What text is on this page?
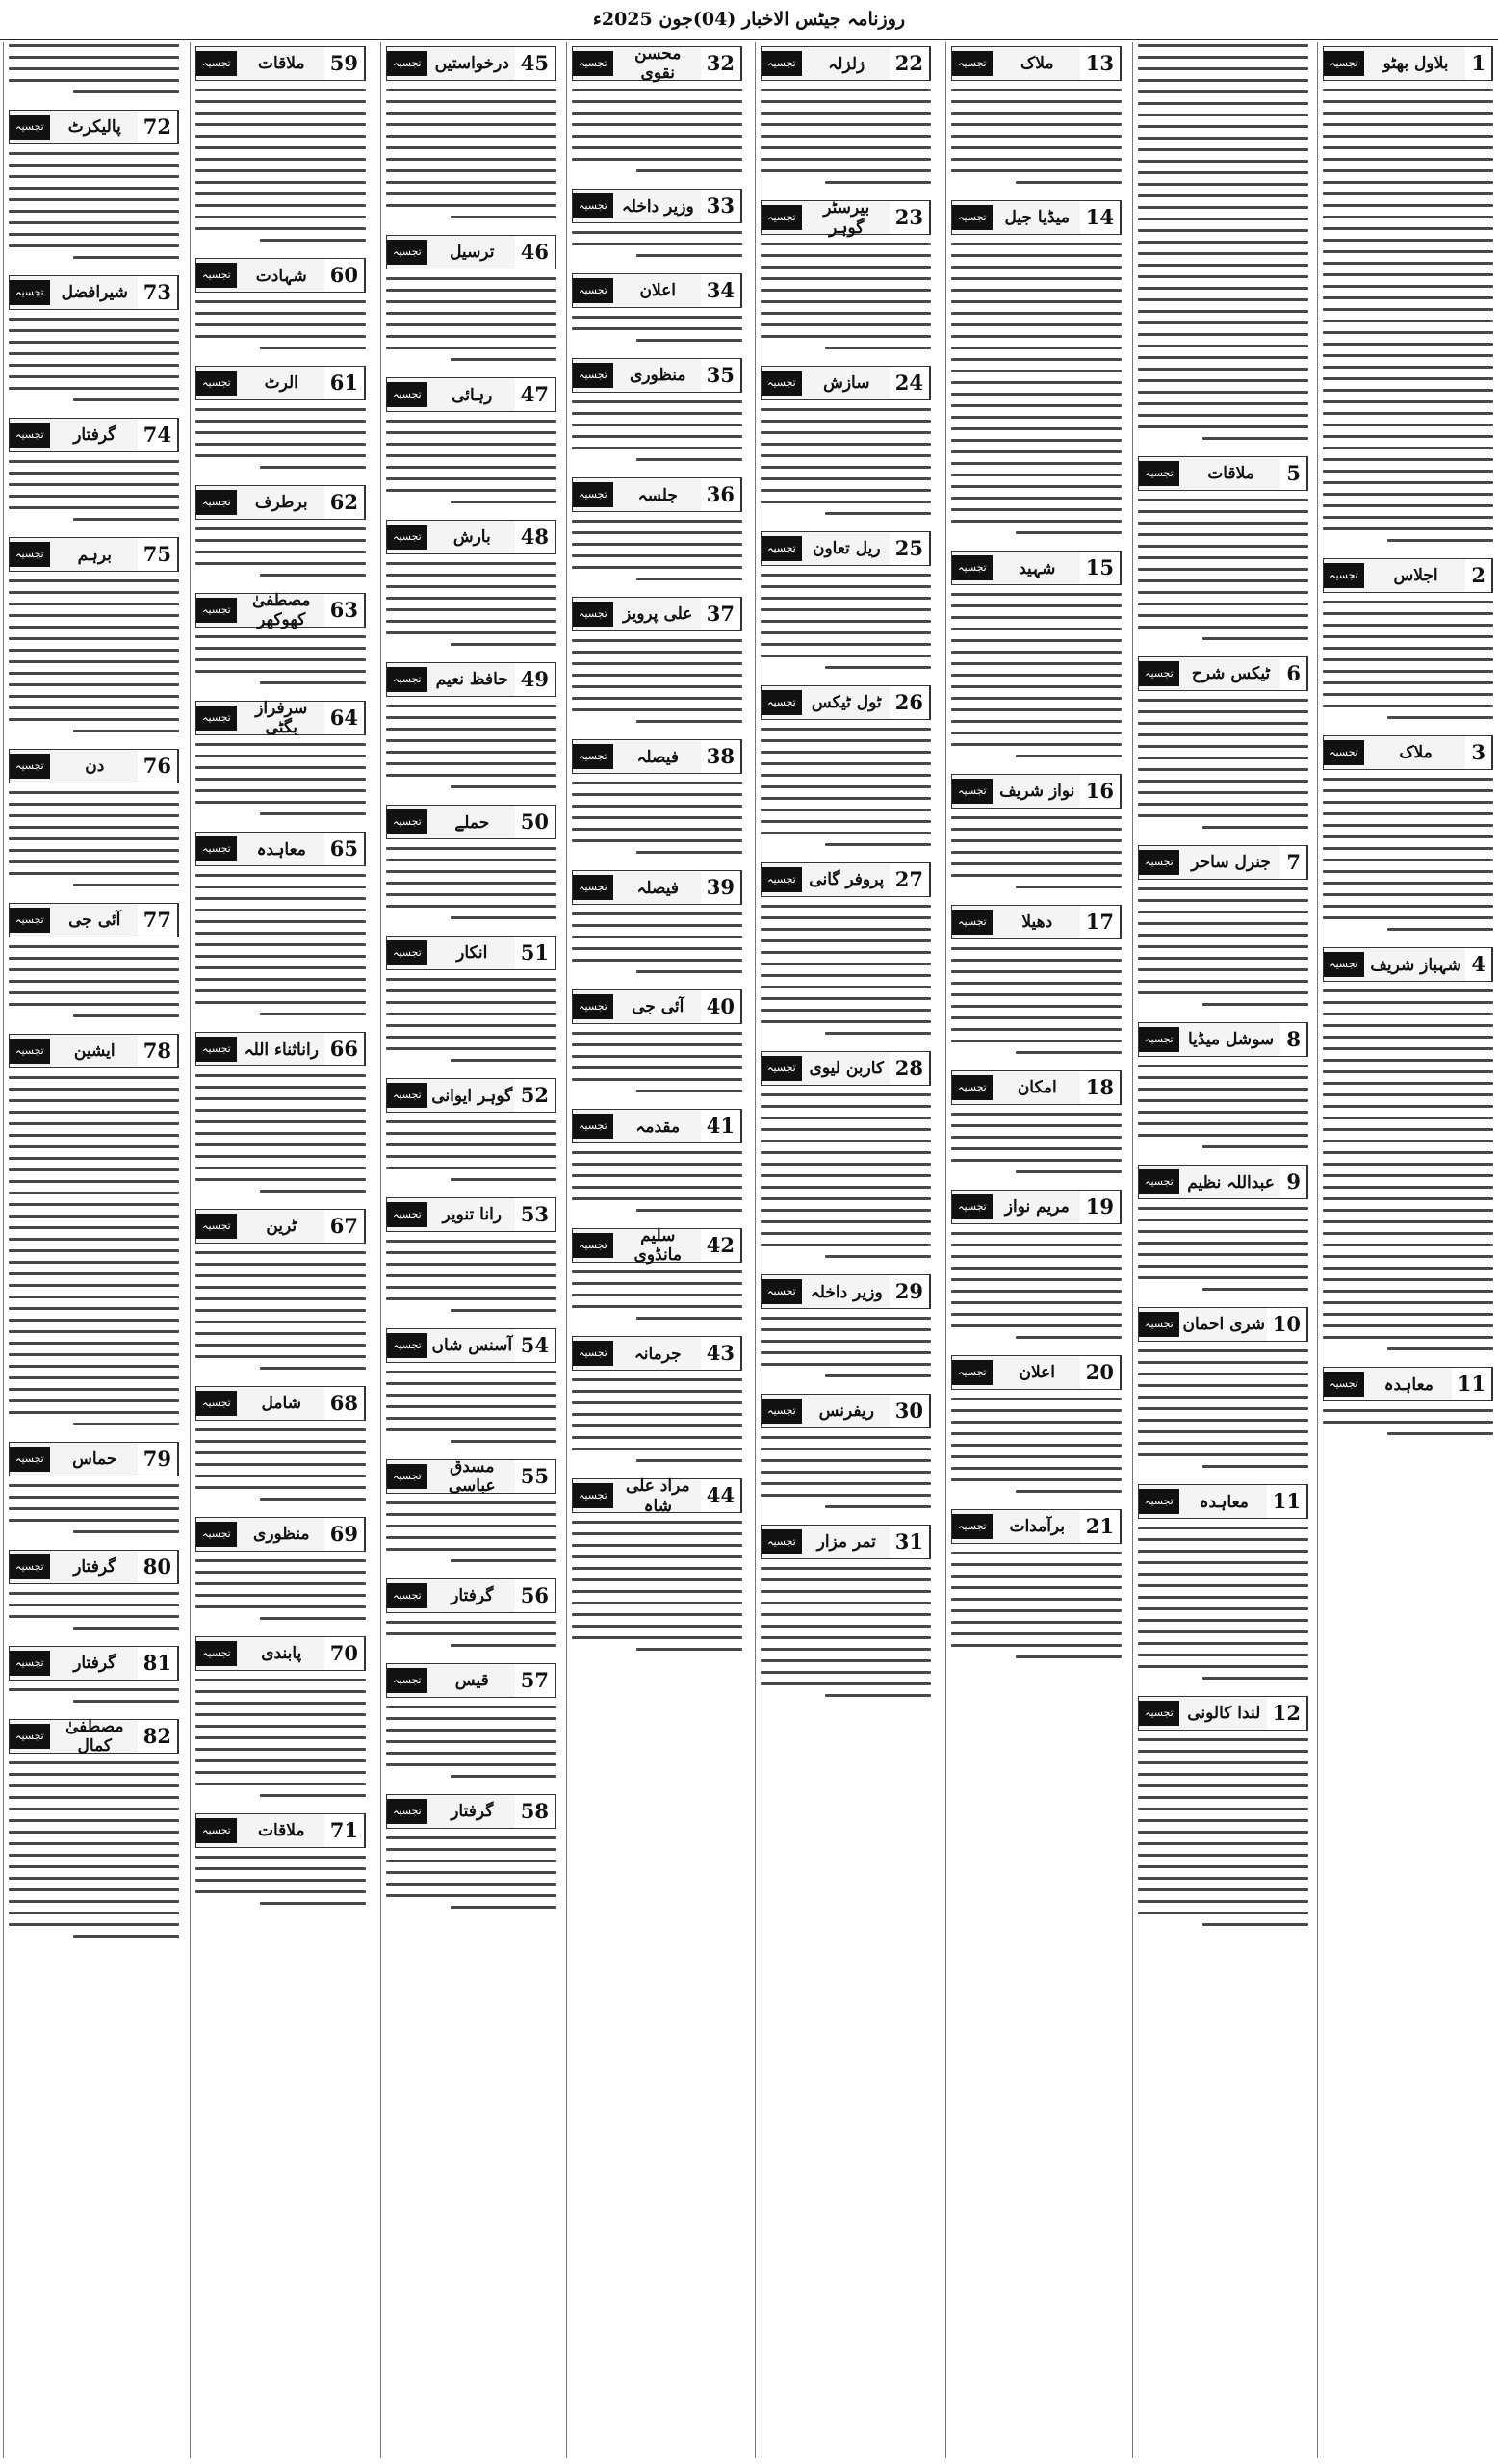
روزنامہ جیٹس الاخبار (04)جون 2025ء
1
بلاول بھٹو
تجسیہ
2
اجلاس
تجسیہ
3
ملاک
تجسیہ
4
شہباز شریف
تجسیہ
11
معاہدہ
تجسیہ
5
ملاقات
تجسیہ
6
ٹیکس شرح
تجسیہ
7
جنرل ساحر
تجسیہ
8
سوشل میڈیا
تجسیہ
9
عبداللہ نظیم
تجسیہ
10
شری احمان
تجسیہ
11
معاہدہ
تجسیہ
12
لندا کالونی
تجسیہ
13
ملاک
تجسیہ
14
میڈیا جیل
تجسیہ
15
شہید
تجسیہ
16
نواز شریف
تجسیہ
17
دھیلا
تجسیہ
18
امکان
تجسیہ
19
مریم نواز
تجسیہ
20
اعلان
تجسیہ
21
برآمدات
تجسیہ
22
زلزلہ
تجسیہ
23
بیرسٹر گوہر
تجسیہ
24
سازش
تجسیہ
25
ریل تعاون
تجسیہ
26
ٹول ٹیکس
تجسیہ
27
پروفر گانی
تجسیہ
28
کاربن لیوی
تجسیہ
29
وزیر داخلہ
تجسیہ
30
ریفرنس
تجسیہ
31
تمر مزار
تجسیہ
32
محسن نقوی
تجسیہ
33
وزیر داخلہ
تجسیہ
34
اعلان
تجسیہ
35
منظوری
تجسیہ
36
جلسہ
تجسیہ
37
علی پرویز
تجسیہ
38
فیصلہ
تجسیہ
39
فیصلہ
تجسیہ
40
آئی جی
تجسیہ
41
مقدمہ
تجسیہ
42
سلیم مانڈوی
تجسیہ
43
جرمانہ
تجسیہ
44
مراد علی شاہ
تجسیہ
45
درخواستیں
تجسیہ
46
ترسیل
تجسیہ
47
رہائی
تجسیہ
48
بارش
تجسیہ
49
حافظ نعیم
تجسیہ
50
حملے
تجسیہ
51
انکار
تجسیہ
52
گوہر ایوانی
تجسیہ
53
رانا تنویر
تجسیہ
54
آسنس شاں
تجسیہ
55
مسدق عباسی
تجسیہ
56
گرفتار
تجسیہ
57
قیس
تجسیہ
58
گرفتار
تجسیہ
59
ملاقات
تجسیہ
60
شہادت
تجسیہ
61
الرٹ
تجسیہ
62
برطرف
تجسیہ
63
مصطفیٰ کھوکھر
تجسیہ
64
سرفراز بگٹی
تجسیہ
65
معاہدہ
تجسیہ
66
راناثناء اللہ
تجسیہ
67
ٹرین
تجسیہ
68
شامل
تجسیہ
69
منظوری
تجسیہ
70
پابندی
تجسیہ
71
ملاقات
تجسیہ
72
پالیکرٹ
تجسیہ
73
شیرافضل
تجسیہ
74
گرفتار
تجسیہ
75
برہم
تجسیہ
76
دن
تجسیہ
77
آئی جی
تجسیہ
78
ایشین
تجسیہ
79
حماس
تجسیہ
80
گرفتار
تجسیہ
81
گرفتار
تجسیہ
82
مصطفیٰ کمال
تجسیہ
